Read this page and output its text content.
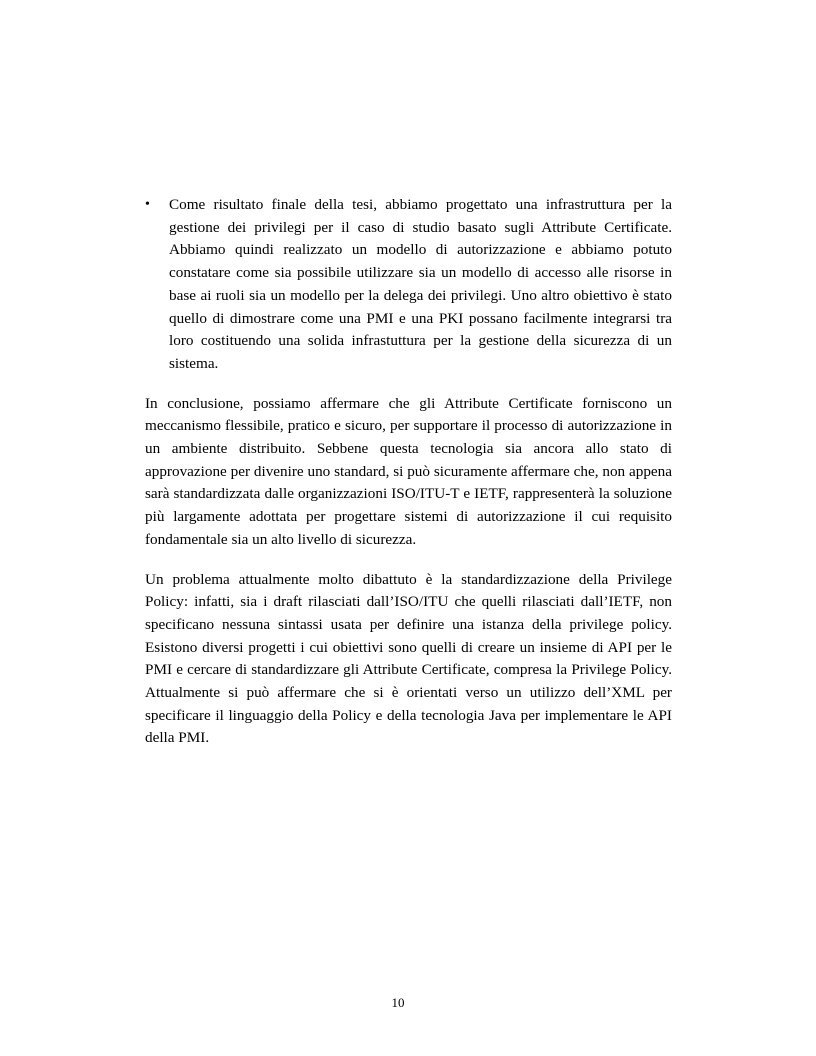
•	Come risultato finale della tesi, abbiamo progettato una infrastruttura per la gestione dei privilegi per il caso di studio basato sugli Attribute Certificate. Abbiamo quindi realizzato un modello di autorizzazione e abbiamo potuto constatare come sia possibile utilizzare sia un modello di accesso alle risorse in base ai ruoli sia un modello per la delega dei privilegi. Uno altro obiettivo è stato quello di dimostrare come una PMI e una PKI possano facilmente integrarsi tra loro costituendo una solida infrastuttura per la gestione della sicurezza di un sistema.

In conclusione, possiamo affermare che gli Attribute Certificate forniscono un meccanismo flessibile, pratico e sicuro, per supportare il processo di autorizzazione in un ambiente distribuito. Sebbene questa tecnologia sia ancora allo stato di approvazione per divenire uno standard, si può sicuramente affermare che, non appena sarà standardizzata dalle organizzazioni ISO/ITU-T e IETF, rappresenterà la soluzione più largamente adottata per progettare sistemi di autorizzazione il cui requisito fondamentale sia un alto livello di sicurezza.

Un problema attualmente molto dibattuto è la standardizzazione della Privilege Policy: infatti, sia i draft rilasciati dall’ISO/ITU che quelli rilasciati dall’IETF, non specificano nessuna sintassi usata per definire una istanza della privilege policy. Esistono diversi progetti i cui obiettivi sono quelli di creare un insieme di API per le PMI e cercare di standardizzare gli Attribute Certificate, compresa la Privilege Policy. Attualmente si può affermare che si è orientati verso un utilizzo dell’XML per specificare il linguaggio della Policy e della tecnologia Java per implementare le API della PMI.

10
